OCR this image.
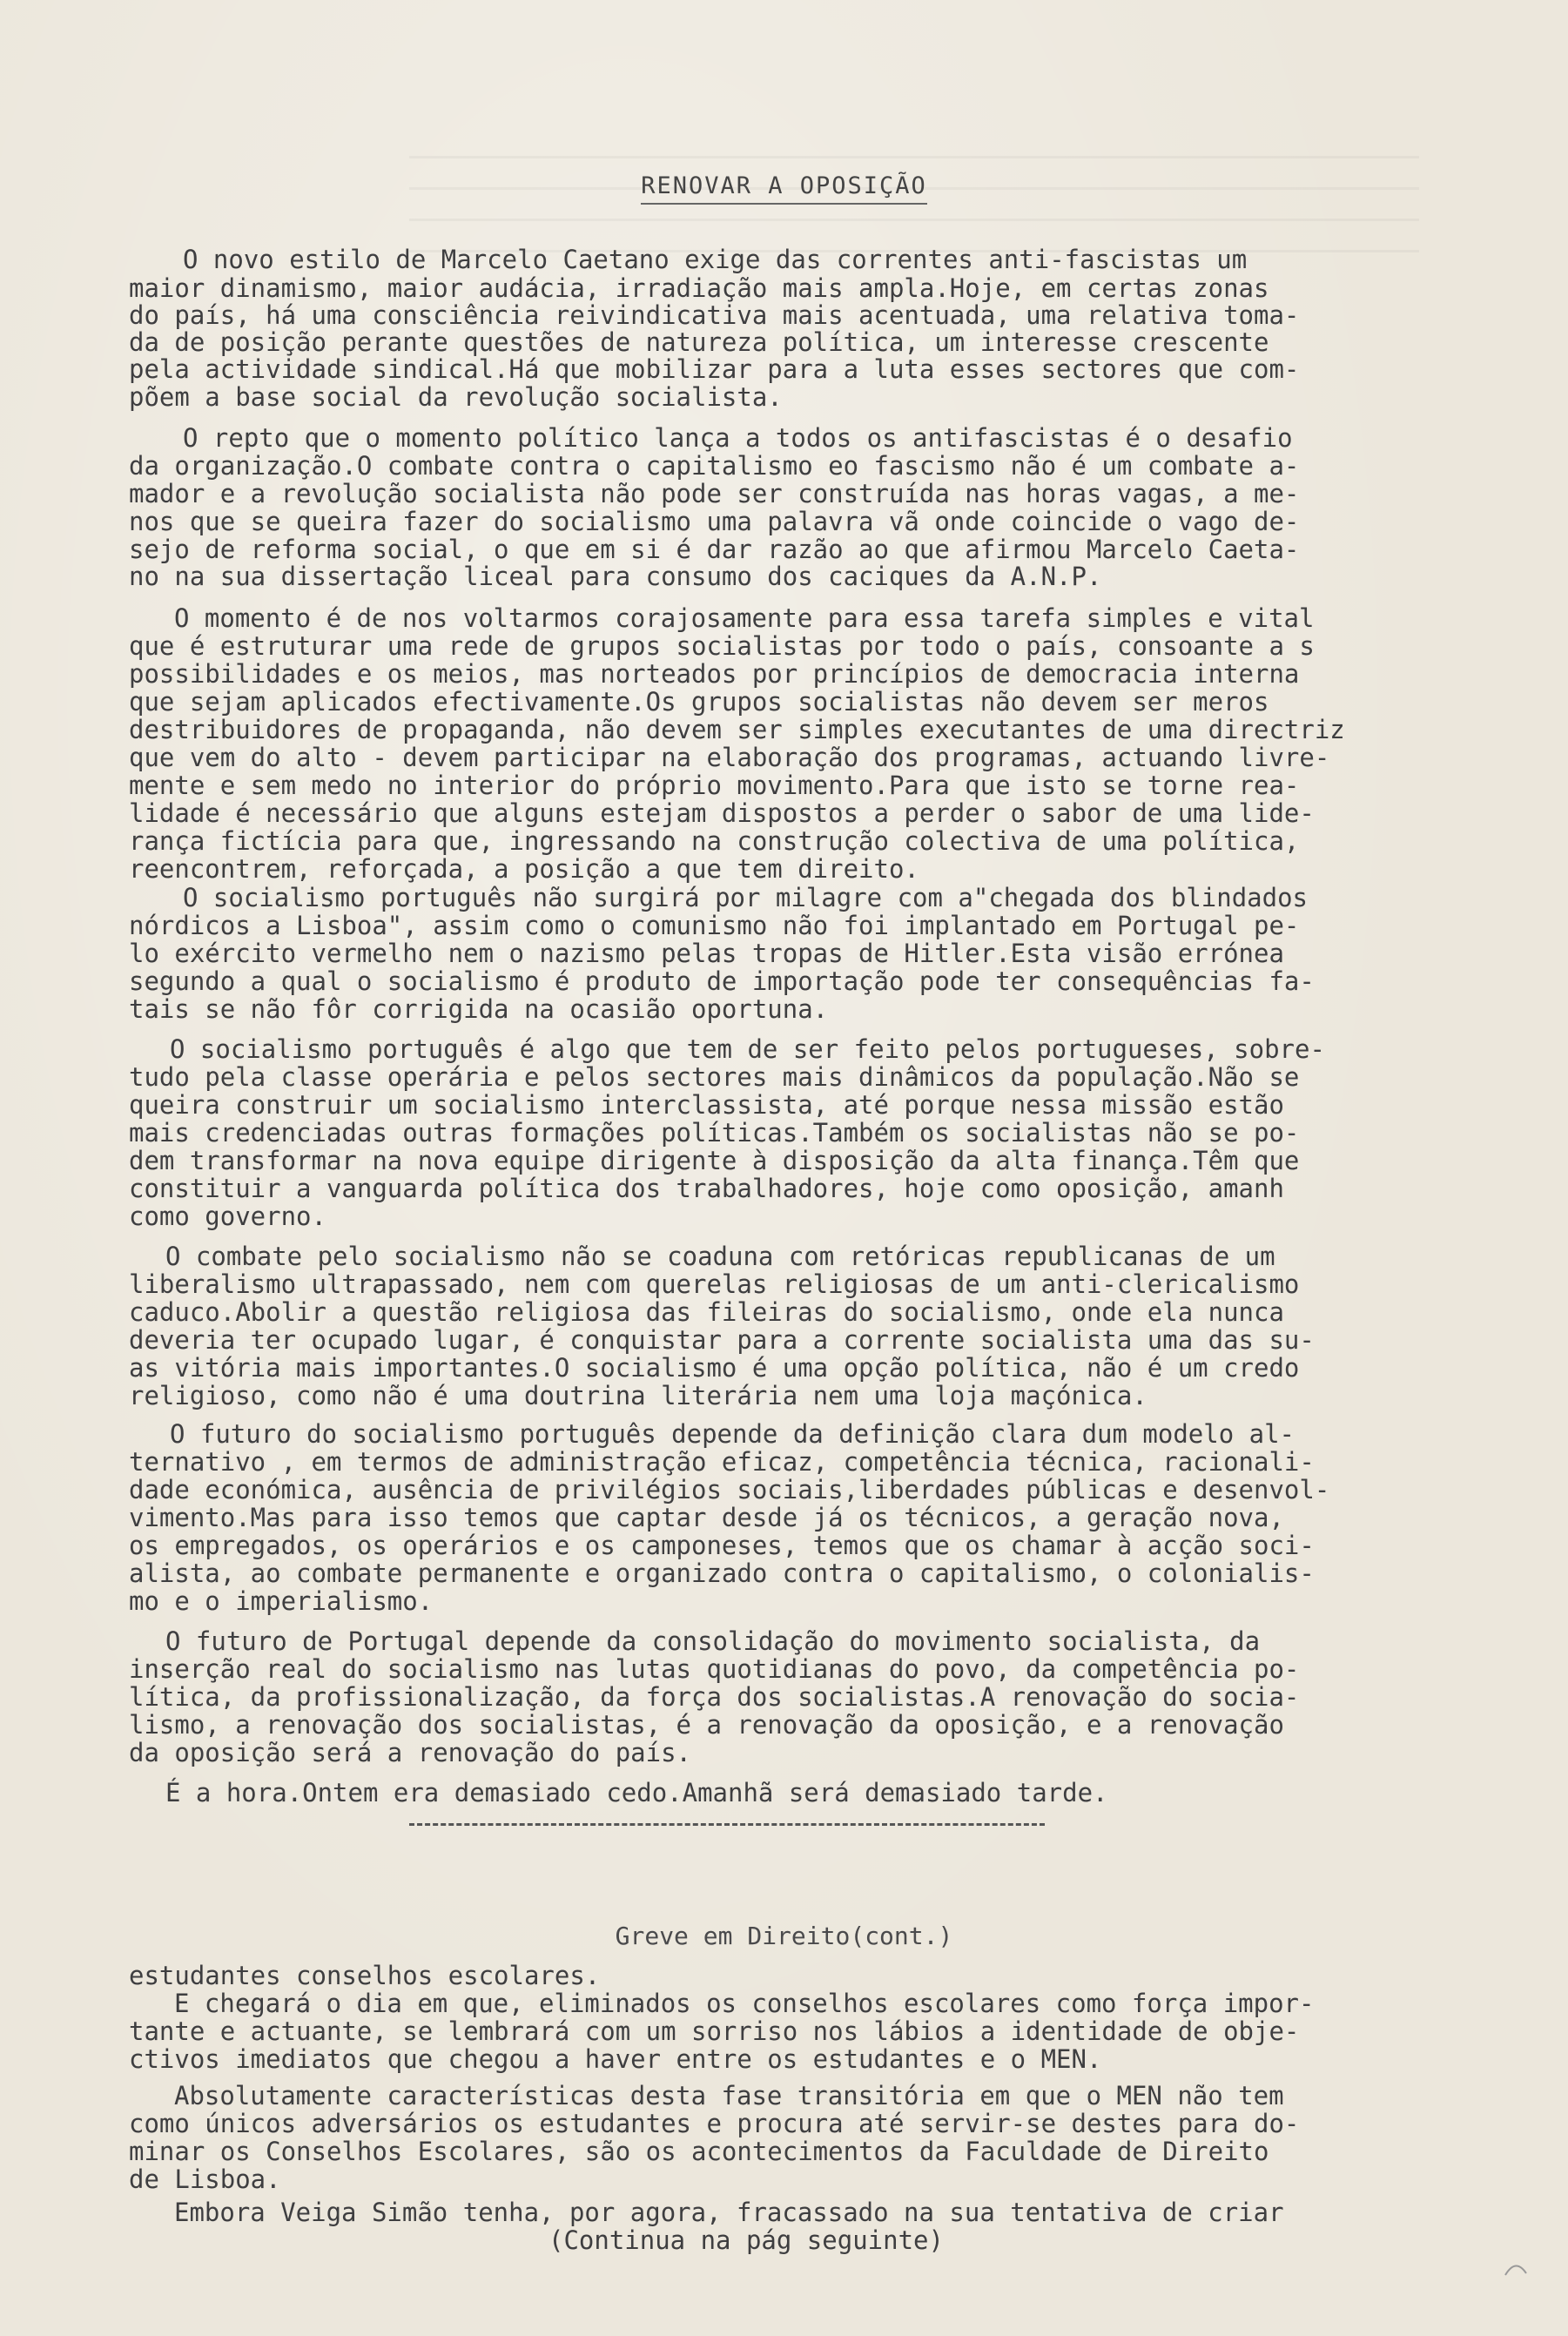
RENOVAR A OPOSIÇÃO
O novo estilo de Marcelo Caetano exige das correntes anti-fascistas um
maior dinamismo, maior audácia, irradiação mais ampla.Hoje, em certas zonas
do país, há uma consciência reivindicativa mais acentuada, uma relativa toma-
da de posição perante questões de natureza política, um interesse crescente
pela actividade sindical.Há que mobilizar para a luta esses sectores que com-
põem a base social da revolução socialista.
O repto que o momento político lança a todos os antifascistas é o desafio
da organização.O combate contra o capitalismo eo fascismo não é um combate a-
mador e a revolução socialista não pode ser construída nas horas vagas, a me-
nos que se queira fazer do socialismo uma palavra vã onde coincide o vago de-
sejo de reforma social, o que em si é dar razão ao que afirmou Marcelo Caeta-
no na sua dissertação liceal para consumo dos caciques da A.N.P.
O momento é de nos voltarmos corajosamente para essa tarefa simples e vital
que é estruturar uma rede de grupos socialistas por todo o país, consoante a s
possibilidades e os meios, mas norteados por princípios de democracia interna
que sejam aplicados efectivamente.Os grupos socialistas não devem ser meros
destribuidores de propaganda, não devem ser simples executantes de uma directriz
que vem do alto - devem participar na elaboração dos programas, actuando livre-
mente e sem medo no interior do próprio movimento.Para que isto se torne rea-
lidade é necessário que alguns estejam dispostos a perder o sabor de uma lide-
rança fictícia para que, ingressando na construção colectiva de uma política,
reencontrem, reforçada, a posição a que tem direito.
O socialismo português não surgirá por milagre com a"chegada dos blindados
nórdicos a Lisboa", assim como o comunismo não foi implantado em Portugal pe-
lo exército vermelho nem o nazismo pelas tropas de Hitler.Esta visão errónea
segundo a qual o socialismo é produto de importação pode ter consequências fa-
tais se não fôr corrigida na ocasião oportuna.
O socialismo português é algo que tem de ser feito pelos portugueses, sobre-
tudo pela classe operária e pelos sectores mais dinâmicos da população.Não se
queira construir um socialismo interclassista, até porque nessa missão estão
mais credenciadas outras formações políticas.Também os socialistas não se po-
dem transformar na nova equipe dirigente à disposição da alta finança.Têm que
constituir a vanguarda política dos trabalhadores, hoje como oposição, amanh
como governo.
O combate pelo socialismo não se coaduna com retóricas republicanas de um
liberalismo ultrapassado, nem com querelas religiosas de um anti-clericalismo
caduco.Abolir a questão religiosa das fileiras do socialismo, onde ela nunca
deveria ter ocupado lugar, é conquistar para a corrente socialista uma das su-
as vitória mais importantes.O socialismo é uma opção política, não é um credo
religioso, como não é uma doutrina literária nem uma loja maçónica.
O futuro do socialismo português depende da definição clara dum modelo al-
ternativo , em termos de administração eficaz, competência técnica, racionali-
dade económica, ausência de privilégios sociais,liberdades públicas e desenvol-
vimento.Mas para isso temos que captar desde já os técnicos, a geração nova,
os empregados, os operários e os camponeses, temos que os chamar à acção soci-
alista, ao combate permanente e organizado contra o capitalismo, o colonialis-
mo e o imperialismo.
O futuro de Portugal depende da consolidação do movimento socialista, da
inserção real do socialismo nas lutas quotidianas do povo, da competência po-
lítica, da profissionalização, da força dos socialistas.A renovação do socia-
lismo, a renovação dos socialistas, é a renovação da oposição, e a renovação
da oposição será a renovação do país.
É a hora.Ontem era demasiado cedo.Amanhã será demasiado tarde.
Greve em Direito(cont.)
estudantes conselhos escolares.
E chegará o dia em que, eliminados os conselhos escolares como força impor-
tante e actuante, se lembrará com um sorriso nos lábios a identidade de obje-
ctivos imediatos que chegou a haver entre os estudantes e o MEN.
Absolutamente características desta fase transitória em que o MEN não tem
como únicos adversários os estudantes e procura até servir-se destes para do-
minar os Conselhos Escolares, são os acontecimentos da Faculdade de Direito
de Lisboa.
Embora Veiga Simão tenha, por agora, fracassado na sua tentativa de criar
(Continua na pág seguinte)
